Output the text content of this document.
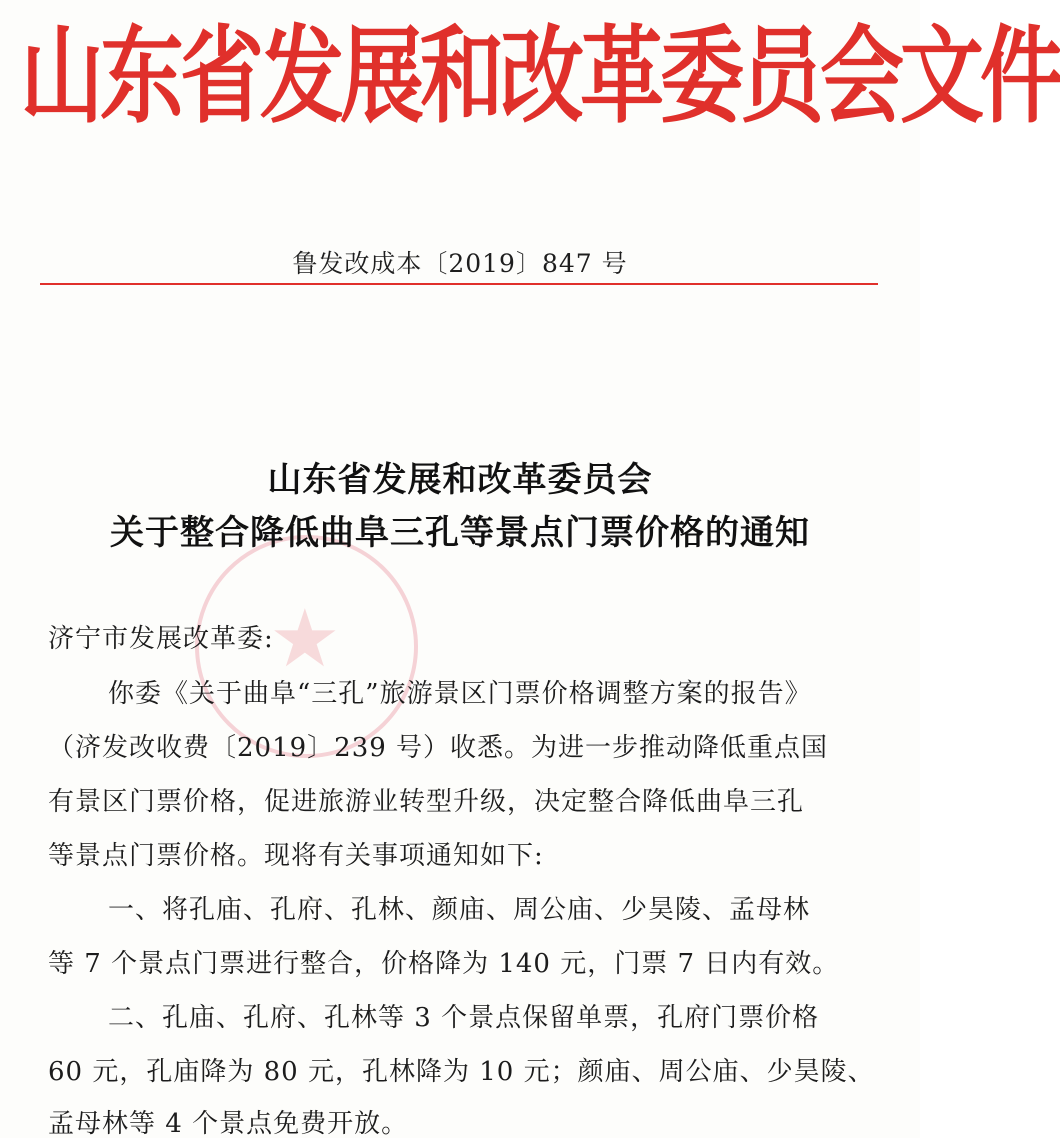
山东省发展和改革委员会文件
鲁发改成本〔2019〕847 号
★
山东省发展和改革委员会
关于整合降低曲阜三孔等景点门票价格的通知
济宁市发展改革委:
你委《关于曲阜“三孔”旅游景区门票价格调整方案的报告》
（济发改收费〔2019〕239 号）收悉。为进一步推动降低重点国
有景区门票价格，促进旅游业转型升级，决定整合降低曲阜三孔
等景点门票价格。现将有关事项通知如下:
一、将孔庙、孔府、孔林、颜庙、周公庙、少昊陵、孟母林
等 7 个景点门票进行整合，价格降为 140 元，门票 7 日内有效。
二、孔庙、孔府、孔林等 3 个景点保留单票，孔府门票价格
60 元，孔庙降为 80 元，孔林降为 10 元；颜庙、周公庙、少昊陵、
孟母林等 4 个景点免费开放。
